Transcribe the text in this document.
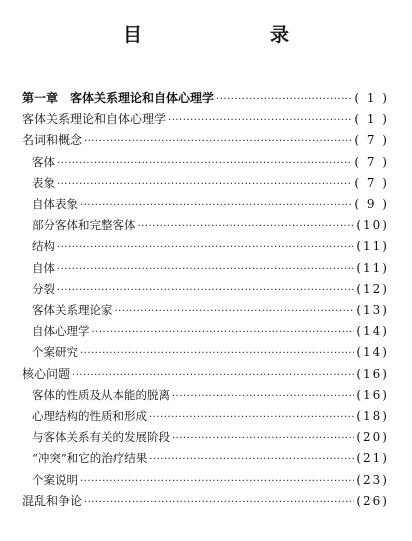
目　　录
第一章　客体关系理论和自体心理学 ·····	( 1 )
客体关系理论和自体心理学 ·····	( 1 )
名词和概念 ·····	( 7 )
客体 ·····	( 7 )
表象 ·····	( 7 )
自体表象 ·····	( 9 )
部分客体和完整客体 ·····	(10)
结构 ·····	(11)
自体 ·····	(11)
分裂 ·····	(12)
客体关系理论家 ·····	(13)
自体心理学 ·····	(14)
个案研究 ·····	(14)
核心问题 ·····	(16)
客体的性质及从本能的脱离 ·····	(16)
心理结构的性质和形成 ·····	(18)
与客体关系有关的发展阶段 ·····	(20)
“冲突”和它的治疗结果 ·····	(21)
个案说明 ·····	(23)
混乱和争论 ·····	(26)
